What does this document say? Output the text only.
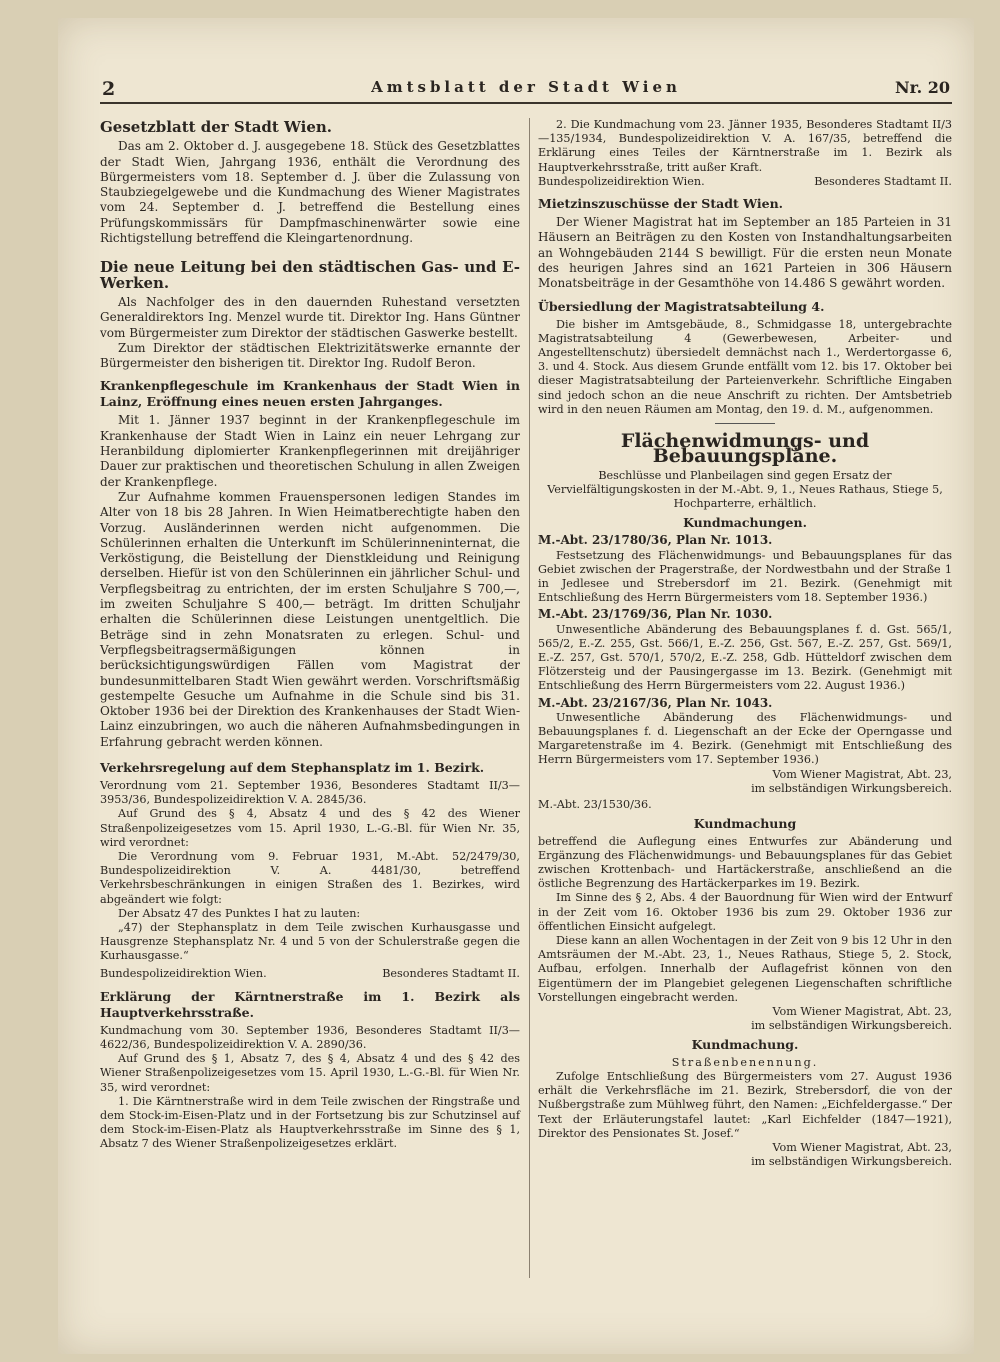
2	Amtsblatt der Stadt Wien	Nr. 20
Gesetzblatt der Stadt Wien.

Das am 2. Oktober d. J. ausgegebene 18. Stück des Gesetzblattes der Stadt Wien, Jahrgang 1936, enthält die Verordnung des Bürgermeisters vom 18. September d. J. über die Zulassung von Staubziegelgewebe und die Kundmachung des Wiener Magistrates vom 24. September d. J. betreffend die Bestellung eines Prüfungskommissärs für Dampfmaschinenwärter sowie eine Richtigstellung betreffend die Kleingartenordnung.

Die neue Leitung bei den städtischen Gas- und E-Werken.

Als Nachfolger des in den dauernden Ruhestand versetzten Generaldirektors Ing. Menzel wurde tit. Direktor Ing. Hans Güntner vom Bürgermeister zum Direktor der städtischen Gaswerke bestellt.

Zum Direktor der städtischen Elektrizitätswerke ernannte der Bürgermeister den bisherigen tit. Direktor Ing. Rudolf Beron.

Krankenpflegeschule im Krankenhaus der Stadt Wien in Lainz, Eröffnung eines neuen ersten Jahrganges.

Mit 1. Jänner 1937 beginnt in der Krankenpflegeschule im Krankenhause der Stadt Wien in Lainz ein neuer Lehrgang zur Heranbildung diplomierter Krankenpflegerinnen mit dreijähriger Dauer zur praktischen und theoretischen Schulung in allen Zweigen der Krankenpflege.

Zur Aufnahme kommen Frauenspersonen ledigen Standes im Alter von 18 bis 28 Jahren. In Wien Heimatberechtigte haben den Vorzug. Ausländerinnen werden nicht aufgenommen. Die Schülerinnen erhalten die Unterkunft im Schülerinneninternat, die Verköstigung, die Beistellung der Dienstkleidung und Reinigung derselben. Hiefür ist von den Schülerinnen ein jährlicher Schul- und Verpflegsbeitrag zu entrichten, der im ersten Schuljahre S 700,—, im zweiten Schuljahre S 400,— beträgt. Im dritten Schuljahr erhalten die Schülerinnen diese Leistungen unentgeltlich. Die Beträge sind in zehn Monatsraten zu erlegen. Schul- und Verpflegsbeitragsermäßigungen können in berücksichtigungswürdigen Fällen vom Magistrat der bundesunmittelbaren Stadt Wien gewährt werden. Vorschriftsmäßig gestempelte Gesuche um Aufnahme in die Schule sind bis 31. Oktober 1936 bei der Direktion des Krankenhauses der Stadt Wien-Lainz einzubringen, wo auch die näheren Aufnahmsbedingungen in Erfahrung gebracht werden können.

Verkehrsregelung auf dem Stephansplatz im 1. Bezirk.

Verordnung vom 21. September 1936, Besonderes Stadtamt II/3—3953/36, Bundespolizeidirektion V. A. 2845/36.

Auf Grund des § 4, Absatz 4 und des § 42 des Wiener Straßenpolizeigesetzes vom 15. April 1930, L.-G.-Bl. für Wien Nr. 35, wird verordnet:

Die Verordnung vom 9. Februar 1931, M.-Abt. 52/2479/30, Bundespolizeidirektion V. A. 4481/30, betreffend Verkehrsbeschränkungen in einigen Straßen des 1. Bezirkes, wird abgeändert wie folgt:

Der Absatz 47 des Punktes I hat zu lauten:

„47) der Stephansplatz in dem Teile zwischen Kurhausgasse und Hausgrenze Stephansplatz Nr. 4 und 5 von der Schulerstraße gegen die Kurhausgasse.“

Bundespolizeidirektion Wien.	Besonderes Stadtamt II.
Erklärung der Kärntnerstraße im 1. Bezirk als Hauptverkehrsstraße.

Kundmachung vom 30. September 1936, Besonderes Stadtamt II/3—4622/36, Bundespolizeidirektion V. A. 2890/36.

Auf Grund des § 1, Absatz 7, des § 4, Absatz 4 und des § 42 des Wiener Straßenpolizeigesetzes vom 15. April 1930, L.-G.-Bl. für Wien Nr. 35, wird verordnet:

1. Die Kärntnerstraße wird in dem Teile zwischen der Ringstraße und dem Stock-im-Eisen-Platz und in der Fortsetzung bis zur Schutzinsel auf dem Stock-im-Eisen-Platz als Hauptverkehrsstraße im Sinne des § 1, Absatz 7 des Wiener Straßenpolizeigesetzes erklärt.

2. Die Kundmachung vom 23. Jänner 1935, Besonderes Stadtamt II/3—135/1934, Bundespolizeidirektion V. A. 167/35, betreffend die Erklärung eines Teiles der Kärntnerstraße im 1. Bezirk als Hauptverkehrsstraße, tritt außer Kraft.

Bundespolizeidirektion Wien.	Besonderes Stadtamt II.
Mietzinszuschüsse der Stadt Wien.

Der Wiener Magistrat hat im September an 185 Parteien in 31 Häusern an Beiträgen zu den Kosten von Instandhaltungsarbeiten an Wohngebäuden 2144 S bewilligt. Für die ersten neun Monate des heurigen Jahres sind an 1621 Parteien in 306 Häusern Monatsbeiträge in der Gesamthöhe von 14.486 S gewährt worden.

Übersiedlung der Magistratsabteilung 4.

Die bisher im Amtsgebäude, 8., Schmidgasse 18, untergebrachte Magistratsabteilung 4 (Gewerbewesen, Arbeiter- und Angestelltenschutz) übersiedelt demnächst nach 1., Werdertorgasse 6, 3. und 4. Stock. Aus diesem Grunde entfällt vom 12. bis 17. Oktober bei dieser Magistratsabteilung der Parteienverkehr. Schriftliche Eingaben sind jedoch schon an die neue Anschrift zu richten. Der Amtsbetrieb wird in den neuen Räumen am Montag, den 19. d. M., aufgenommen.

Flächenwidmungs- und Bebauungspläne.

Beschlüsse und Planbeilagen sind gegen Ersatz der Vervielfältigungskosten in der M.-Abt. 9, 1., Neues Rathaus, Stiege 5, Hochparterre, erhältlich.

Kundmachungen.
M.-Abt. 23/1780/36, Plan Nr. 1013.

Festsetzung des Flächenwidmungs- und Bebauungsplanes für das Gebiet zwischen der Pragerstraße, der Nordwestbahn und der Straße 1 in Jedlesee und Strebersdorf im 21. Bezirk. (Genehmigt mit Entschließung des Herrn Bürgermeisters vom 18. September 1936.)

M.-Abt. 23/1769/36, Plan Nr. 1030.

Unwesentliche Abänderung des Bebauungsplanes f. d. Gst. 565/1, 565/2, E.-Z. 255, Gst. 566/1, E.-Z. 256, Gst. 567, E.-Z. 257, Gst. 569/1, E.-Z. 257, Gst. 570/1, 570/2, E.-Z. 258, Gdb. Hütteldorf zwischen dem Flötzersteig und der Pausingergasse im 13. Bezirk. (Genehmigt mit Entschließung des Herrn Bürgermeisters vom 22. August 1936.)

M.-Abt. 23/2167/36, Plan Nr. 1043.

Unwesentliche Abänderung des Flächenwidmungs- und Bebauungsplanes f. d. Liegenschaft an der Ecke der Operngasse und Margaretenstraße im 4. Bezirk. (Genehmigt mit Entschließung des Herrn Bürgermeisters vom 17. September 1936.)

Vom Wiener Magistrat, Abt. 23,
im selbständigen Wirkungsbereich.

M.-Abt. 23/1530/36.

Kundmachung

betreffend die Auflegung eines Entwurfes zur Abänderung und Ergänzung des Flächenwidmungs- und Bebauungsplanes für das Gebiet zwischen Krottenbach- und Hartäckerstraße, anschließend an die östliche Begrenzung des Hartäckerparkes im 19. Bezirk.

Im Sinne des § 2, Abs. 4 der Bauordnung für Wien wird der Entwurf in der Zeit vom 16. Oktober 1936 bis zum 29. Oktober 1936 zur öffentlichen Einsicht aufgelegt.

Diese kann an allen Wochentagen in der Zeit von 9 bis 12 Uhr in den Amtsräumen der M.-Abt. 23, 1., Neues Rathaus, Stiege 5, 2. Stock, Aufbau, erfolgen. Innerhalb der Auflagefrist können von den Eigentümern der im Plangebiet gelegenen Liegenschaften schriftliche Vorstellungen eingebracht werden.

Vom Wiener Magistrat, Abt. 23,
im selbständigen Wirkungsbereich.
Kundmachung.

Straßenbenennung.

Zufolge Entschließung des Bürgermeisters vom 27. August 1936 erhält die Verkehrsfläche im 21. Bezirk, Strebersdorf, die von der Nußbergstraße zum Mühlweg führt, den Namen: „Eichfeldergasse.“ Der Text der Erläuterungstafel lautet: „Karl Eichfelder (1847—1921), Direktor des Pensionates St. Josef.“

Vom Wiener Magistrat, Abt. 23,
im selbständigen Wirkungsbereich.
